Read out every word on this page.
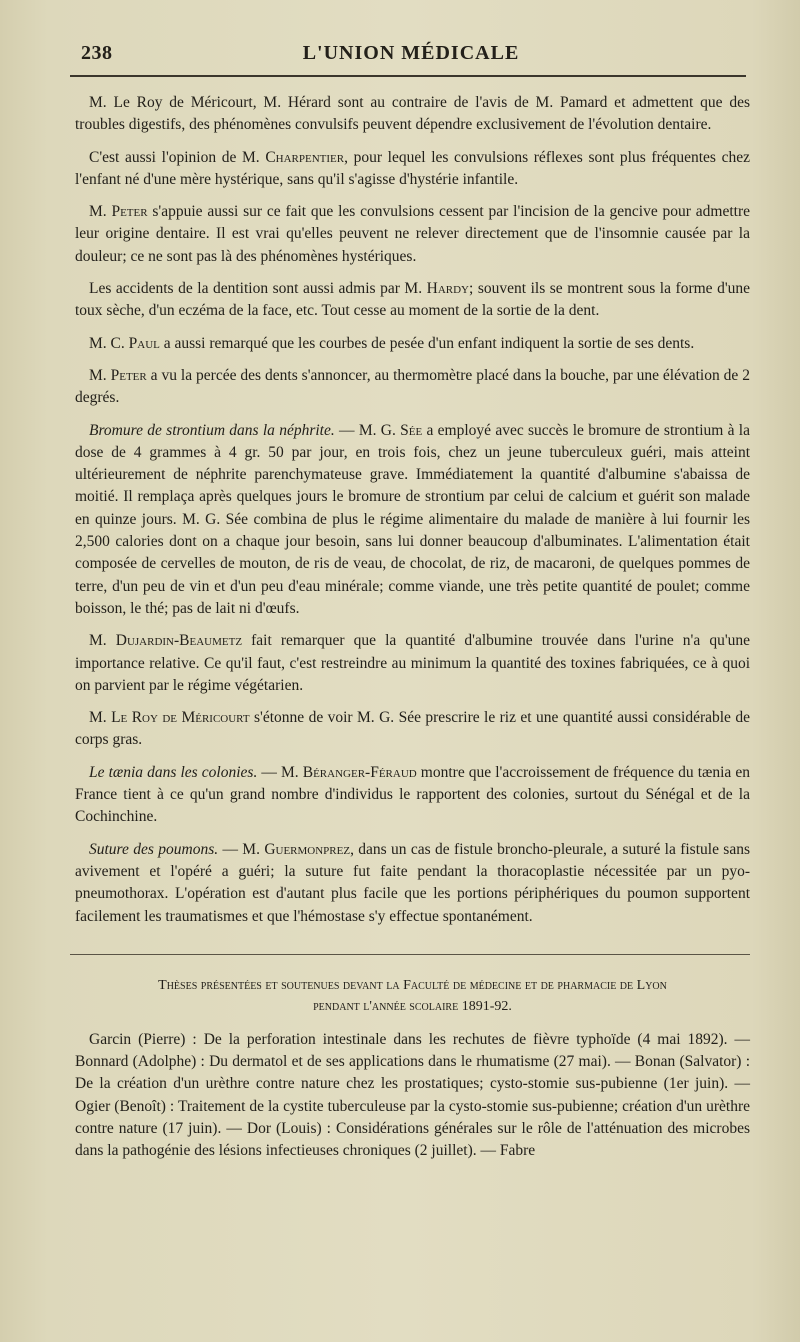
238	L'UNION MÉDICALE

M. Le Roy de Méricourt, M. Hérard sont au contraire de l'avis de M. Pamard et admettent que des troubles digestifs, des phénomènes convulsifs peuvent dépendre exclusivement de l'évolution dentaire.

C'est aussi l'opinion de M. Charpentier, pour lequel les convulsions réflexes sont plus fréquentes chez l'enfant né d'une mère hystérique, sans qu'il s'agisse d'hystérie infantile.

M. Peter s'appuie aussi sur ce fait que les convulsions cessent par l'incision de la gencive pour admettre leur origine dentaire. Il est vrai qu'elles peuvent ne relever directement que de l'insomnie causée par la douleur; ce ne sont pas là des phénomènes hystériques.

Les accidents de la dentition sont aussi admis par M. Hardy; souvent ils se montrent sous la forme d'une toux sèche, d'un eczéma de la face, etc. Tout cesse au moment de la sortie de la dent.

M. C. Paul a aussi remarqué que les courbes de pesée d'un enfant indiquent la sortie de ses dents.

M. Peter a vu la percée des dents s'annoncer, au thermomètre placé dans la bouche, par une élévation de 2 degrés.

Bromure de strontium dans la néphrite. — M. G. Sée a employé avec succès le bromure de strontium à la dose de 4 grammes à 4 gr. 50 par jour, en trois fois, chez un jeune tuberculeux guéri, mais atteint ultérieurement de néphrite parenchymateuse grave. Immédiatement la quantité d'albumine s'abaissa de moitié. Il remplaça après quelques jours le bromure de strontium par celui de calcium et guérit son malade en quinze jours. M. G. Sée combina de plus le régime alimentaire du malade de manière à lui fournir les 2,500 calories dont on a chaque jour besoin, sans lui donner beaucoup d'albuminates. L'alimentation était composée de cervelles de mouton, de ris de veau, de chocolat, de riz, de macaroni, de quelques pommes de terre, d'un peu de vin et d'un peu d'eau minérale; comme viande, une très petite quantité de poulet; comme boisson, le thé; pas de lait ni d'œufs.

M. Dujardin-Beaumetz fait remarquer que la quantité d'albumine trouvée dans l'urine n'a qu'une importance relative. Ce qu'il faut, c'est restreindre au minimum la quantité des toxines fabriquées, ce à quoi on parvient par le régime végétarien.

M. Le Roy de Méricourt s'étonne de voir M. G. Sée prescrire le riz et une quantité aussi considérable de corps gras.

Le tænia dans les colonies. — M. Béranger-Féraud montre que l'accroissement de fréquence du tænia en France tient à ce qu'un grand nombre d'individus le rapportent des colonies, surtout du Sénégal et de la Cochinchine.

Suture des poumons. — M. Guermonprez, dans un cas de fistule broncho-pleurale, a suturé la fistule sans avivement et l'opéré a guéri; la suture fut faite pendant la thoracoplastie nécessitée par un pyo-pneumothorax. L'opération est d'autant plus facile que les portions périphériques du poumon supportent facilement les traumatismes et que l'hémostase s'y effectue spontanément.

Thèses présentées et soutenues devant la Faculté de médecine et de pharmacie de Lyon
pendant l'année scolaire 1891-92.

Garcin (Pierre) : De la perforation intestinale dans les rechutes de fièvre typhoïde (4 mai 1892). — Bonnard (Adolphe) : Du dermatol et de ses applications dans le rhumatisme (27 mai). — Bonan (Salvator) : De la création d'un urèthre contre nature chez les prostatiques; cysto-stomie sus-pubienne (1er juin). — Ogier (Benoît) : Traitement de la cystite tuberculeuse par la cysto-stomie sus-pubienne; création d'un urèthre contre nature (17 juin). — Dor (Louis) : Considérations générales sur le rôle de l'atténuation des microbes dans la pathogénie des lésions infectieuses chroniques (2 juillet). — Fabre
